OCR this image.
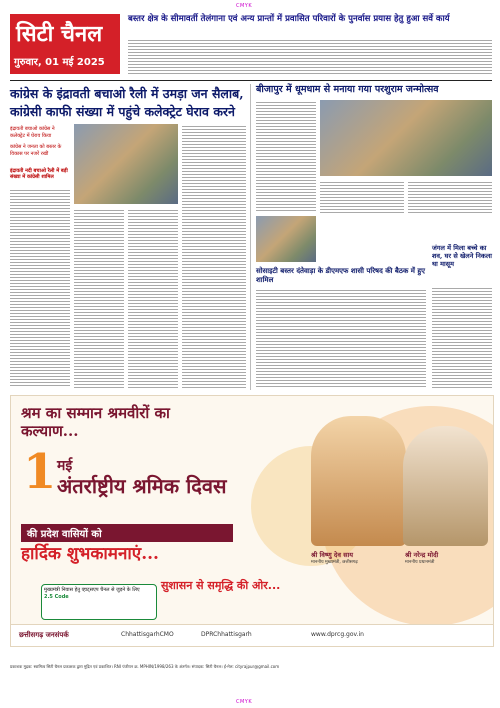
CMYK
CMYK
सिटी चैनल
गुरुवार, 01 मई 2025
बस्तर क्षेत्र के सीमावर्ती तेलंगाना एवं अन्य प्रान्तों में प्रवासित परिवारों के पुनर्वास प्रयास हेतु हुआ सर्वे कार्य
कांग्रेस के इंद्रावती बचाओ रैली में उमड़ा जन सैलाब,
कांग्रेसी काफी संख्या में पहुंचे कलेक्ट्रेट घेराव करने
इंद्रावती बचाओ कांग्रेस ने कलेक्ट्रेट में घेराव किया
कांग्रेस ने जनता को बस्तर के विकास पर नजरें रखीं
इंद्रावती नदी बचाओ रैली में बड़ी संख्या में कांग्रेसी शामिल
बीजापुर में धूमधाम से मनाया गया परशुराम जन्मोत्सव
सोसाइटी बस्तर दंतेवाड़ा के डीएमएफ शासी परिषद की बैठक में हुए शामिल
जंगल में मिला बच्चे का शव, घर से खेलने निकला था मासूम
श्रम का सम्मान श्रमवीरों का कल्याण...
1 मई
अंतर्राष्ट्रीय श्रमिक दिवस
की प्रदेश वासियों को
हार्दिक शुभकामनाएं...	श्री विष्णु देव साय
माननीय मुख्यमंत्री, छत्तीसगढ़
श्री नरेन्द्र मोदी
माननीय प्रधानमंत्री
सुशासन से समृद्धि की ओर...
मुख्यमंत्री निवास हेतु व्हाट्सएप चैनल से जुड़ने के लिए
2.5 Code
छत्तीसगढ़ जनसंपर्क	ChhattisgarhCMO	DPRChhattisgarh	www.dprcg.gov.in
प्रकाशक मुद्रक: स्वामित्व सिटी चैनल प्रकाशक द्वारा मुद्रित एवं प्रकाशित। RNI पंजीयन क्र. MPHIN/1998/263 के अंतर्गत। संपादक: सिटी चैनल। ई-मेल: cityrajpur@gmail.com
